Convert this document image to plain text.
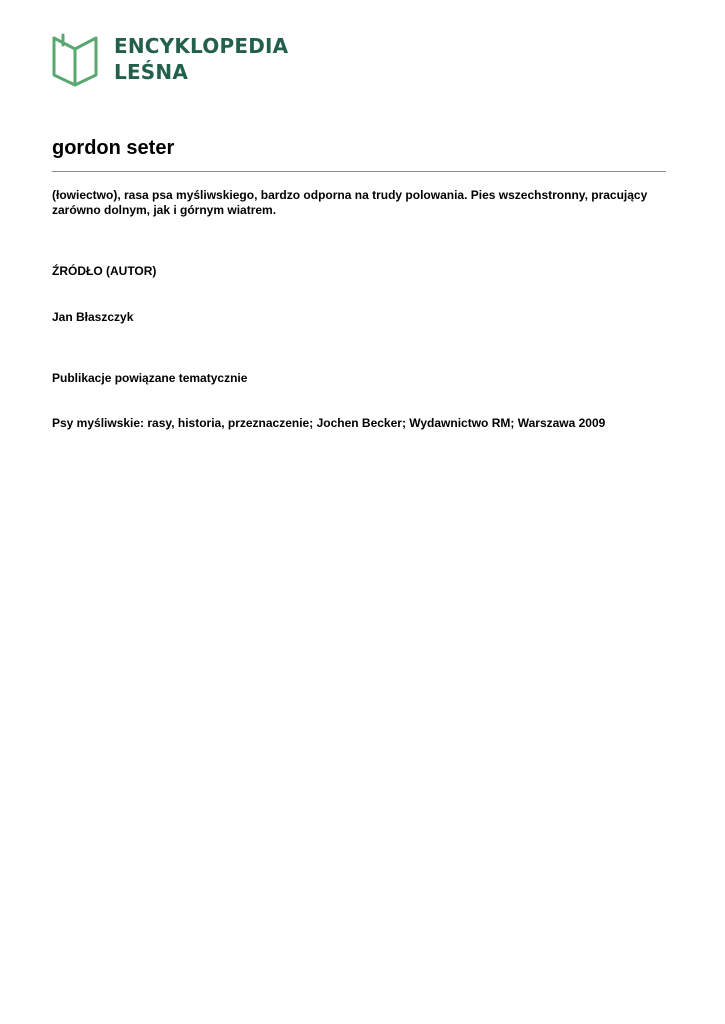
ENCYKLOPEDIA
LEŚNA
gordon seter

(łowiectwo), rasa psa myśliwskiego, bardzo odporna na trudy polowania. Pies wszechstronny, pracujący zarówno dolnym, jak i górnym wiatrem.

ŹRÓDŁO (AUTOR)

Jan Błaszczyk

Publikacje powiązane tematycznie

Psy myśliwskie: rasy, historia, przeznaczenie; Jochen Becker; Wydawnictwo RM; Warszawa 2009
